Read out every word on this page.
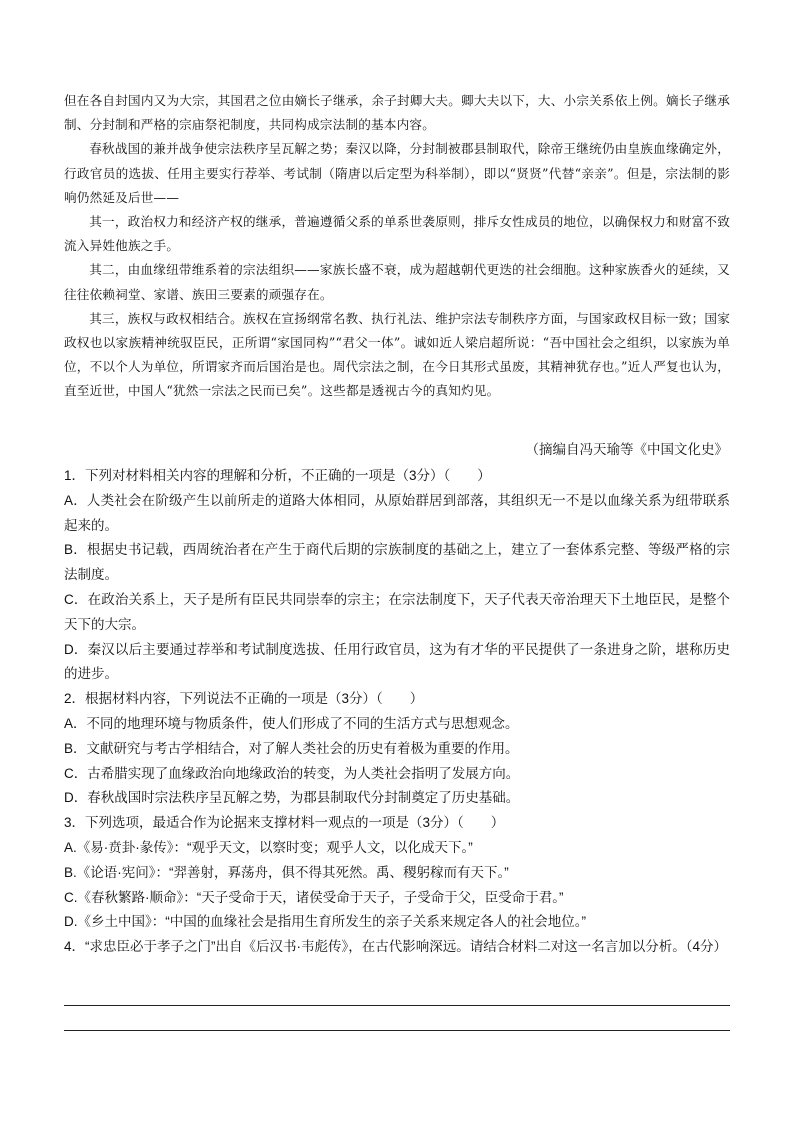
但在各自封国内又为大宗，其国君之位由嫡长子继承，余子封卿大夫。卿大夫以下，大、小宗关系依上例。嫡长子继承制、分封制和严格的宗庙祭祀制度，共同构成宗法制的基本内容。

春秋战国的兼并战争使宗法秩序呈瓦解之势；秦汉以降，分封制被郡县制取代，除帝王继统仍由皇族血缘确定外，行政官员的选拔、任用主要实行荐举、考试制（隋唐以后定型为科举制），即以“贤贤”代替“亲亲”。但是，宗法制的影响仍然延及后世——

其一，政治权力和经济产权的继承，普遍遵循父系的单系世袭原则，排斥女性成员的地位，以确保权力和财富不致流入异姓他族之手。

其二，由血缘纽带维系着的宗法组织——家族长盛不衰，成为超越朝代更迭的社会细胞。这种家族香火的延续，又往往依赖祠堂、家谱、族田三要素的顽强存在。

其三，族权与政权相结合。族权在宣扬纲常名教、执行礼法、维护宗法专制秩序方面，与国家政权目标一致；国家政权也以家族精神统驭臣民，正所谓“家国同构”“君父一体”。诚如近人梁启超所说：“吾中国社会之组织，以家族为单位，不以个人为单位，所谓家齐而后国治是也。周代宗法之制，在今日其形式虽废，其精神犹存也。”近人严复也认为，直至近世，中国人“犹然一宗法之民而已矣”。这些都是透视古今的真知灼见。

（摘编自冯天瑜等《中国文化史》

1．下列对材料相关内容的理解和分析，不正确的一项是（3分）（　　）

A．人类社会在阶级产生以前所走的道路大体相同，从原始群居到部落，其组织无一不是以血缘关系为纽带联系起来的。

B．根据史书记载，西周统治者在产生于商代后期的宗族制度的基础之上，建立了一套体系完整、等级严格的宗法制度。

C．在政治关系上，天子是所有臣民共同崇奉的宗主；在宗法制度下，天子代表天帝治理天下土地臣民，是整个天下的大宗。

D．秦汉以后主要通过荐举和考试制度选拔、任用行政官员，这为有才华的平民提供了一条进身之阶，堪称历史的进步。

2．根据材料内容，下列说法不正确的一项是（3分）（　　）

A．不同的地理环境与物质条件，使人们形成了不同的生活方式与思想观念。

B．文献研究与考古学相结合，对了解人类社会的历史有着极为重要的作用。

C．古希腊实现了血缘政治向地缘政治的转变，为人类社会指明了发展方向。

D．春秋战国时宗法秩序呈瓦解之势，为郡县制取代分封制奠定了历史基础。

3．下列选项，最适合作为论据来支撑材料一观点的一项是（3分）（　　）

A.《易·贲卦·彖传》：“观乎天文，以察时变；观乎人文，以化成天下。”

B.《论语·宪问》：“羿善射，奡荡舟，俱不得其死然。禹、稷躬稼而有天下。”

C.《春秋繁路·顺命》：“天子受命于天，诸侯受命于天子，子受命于父，臣受命于君。”

D.《乡土中国》：“中国的血缘社会是指用生育所发生的亲子关系来规定各人的社会地位。”

4．“求忠臣必于孝子之门”出自《后汉书·韦彪传》，在古代影响深远。请结合材料二对这一名言加以分析。（4分）
